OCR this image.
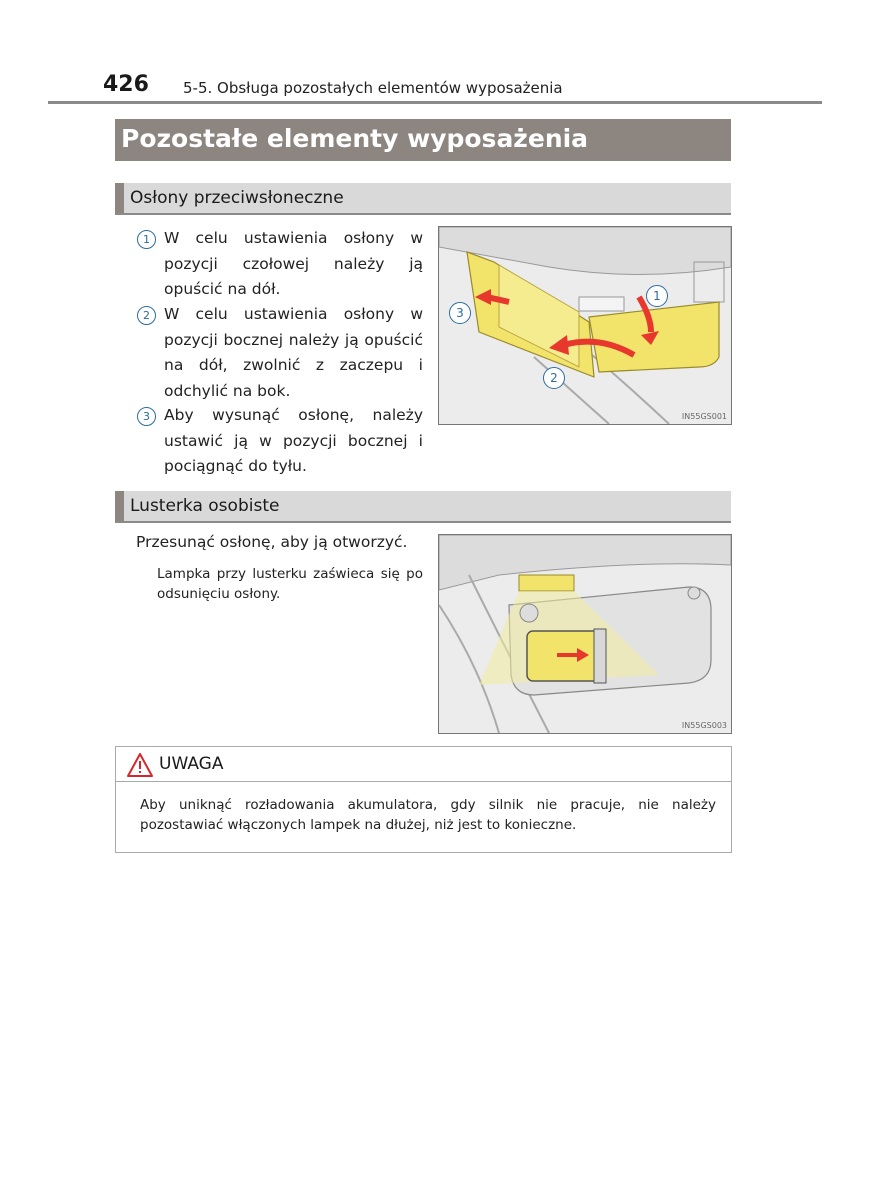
426 5-5. Obsługa pozostałych elementów wyposażenia
Pozostałe elementy wyposażenia
Osłony przeciwsłoneczne
1 W celu ustawienia osłony w pozycji czołowej należy ją opuścić na dół.
2 W celu ustawienia osłony w pozycji bocznej należy ją opuścić na dół, zwolnić z zaczepu i odchylić na bok.
3 Aby wysunąć osłonę, należy ustawić ją w pozycji bocznej i pociągnąć do tyłu.
1
2
3
IN55GS001
Lusterka osobiste
Przesunąć osłonę, aby ją otworzyć.
Lampka przy lusterku zaświeca się po odsunięciu osłony.
IN55GS003
UWAGA
Aby uniknąć rozładowania akumulatora, gdy silnik nie pracuje, nie należy pozostawiać włączonych lampek na dłużej, niż jest to konieczne.
